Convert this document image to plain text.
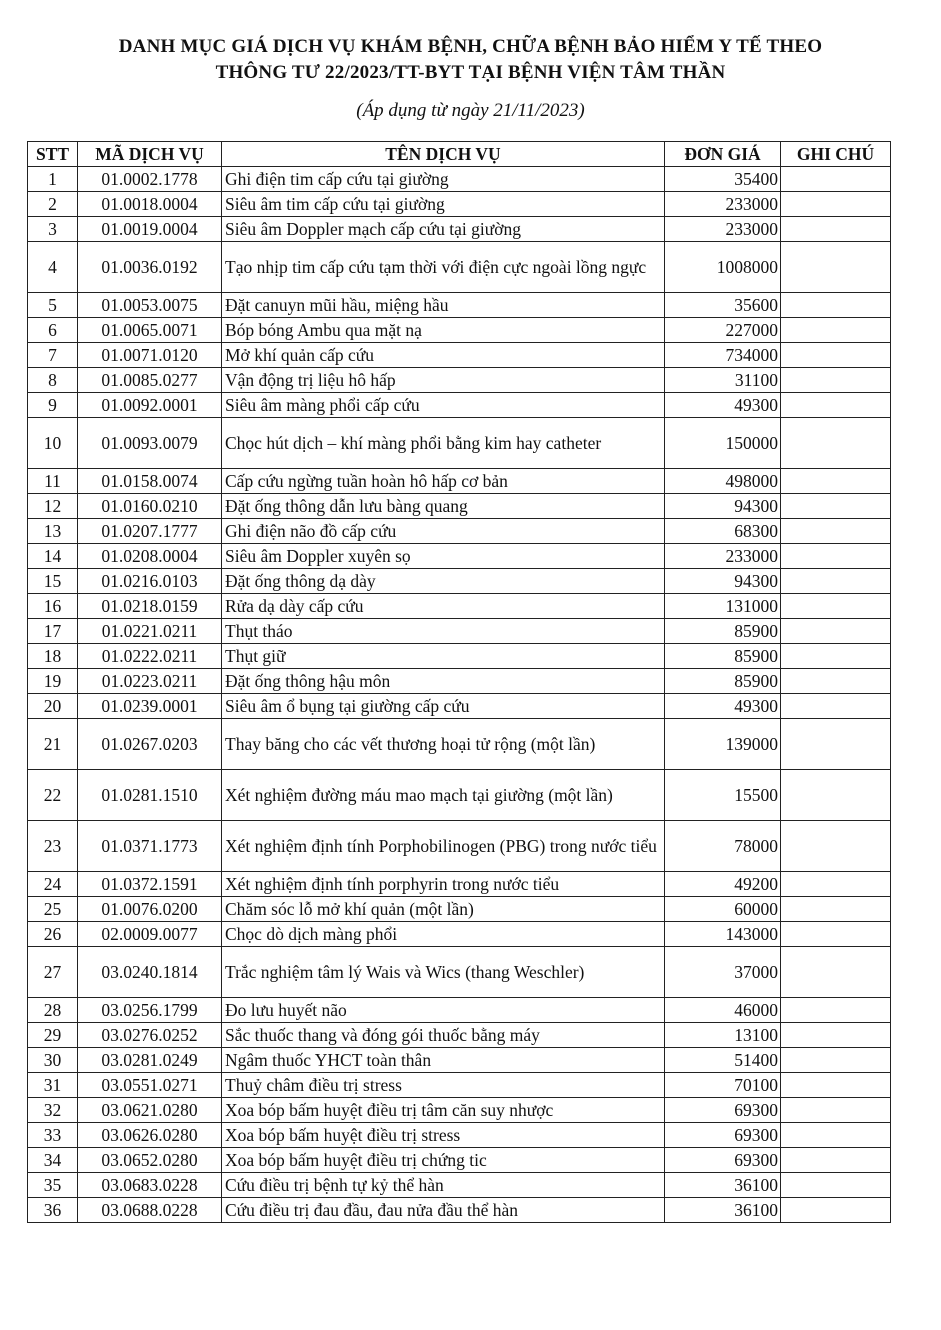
DANH MỤC GIÁ DỊCH VỤ KHÁM BỆNH, CHỮA BỆNH BẢO HIỂM Y TẾ THEO
THÔNG TƯ 22/2023/TT-BYT TẠI BỆNH VIỆN TÂM THẦN
(Áp dụng từ ngày 21/11/2023)
STT	MÃ DỊCH VỤ	TÊN DỊCH VỤ	ĐƠN GIÁ	GHI CHÚ
1	01.0002.1778	Ghi điện tim cấp cứu tại giường	35400	
2	01.0018.0004	Siêu âm tim cấp cứu tại giường	233000	
3	01.0019.0004	Siêu âm Doppler mạch cấp cứu tại giường	233000	
4	01.0036.0192	Tạo nhịp tim cấp cứu tạm thời với điện cực ngoài lồng ngực	1008000	
5	01.0053.0075	Đặt canuyn mũi hầu, miệng hầu	35600	
6	01.0065.0071	Bóp bóng Ambu qua mặt nạ	227000	
7	01.0071.0120	Mở khí quản cấp cứu	734000	
8	01.0085.0277	Vận động trị liệu hô hấp	31100	
9	01.0092.0001	Siêu âm màng phổi cấp cứu	49300	
10	01.0093.0079	Chọc hút dịch – khí màng phổi bằng kim hay catheter	150000	
11	01.0158.0074	Cấp cứu ngừng tuần hoàn hô hấp cơ bản	498000	
12	01.0160.0210	Đặt ống thông dẫn lưu bàng quang	94300	
13	01.0207.1777	Ghi điện não đồ cấp cứu	68300	
14	01.0208.0004	Siêu âm Doppler xuyên sọ	233000	
15	01.0216.0103	Đặt ống thông dạ dày	94300	
16	01.0218.0159	Rửa dạ dày cấp cứu	131000	
17	01.0221.0211	Thụt tháo	85900	
18	01.0222.0211	Thụt giữ	85900	
19	01.0223.0211	Đặt ống thông hậu môn	85900	
20	01.0239.0001	Siêu âm ổ bụng tại giường cấp cứu	49300	
21	01.0267.0203	Thay băng cho các vết thương hoại tử rộng (một lần)	139000	
22	01.0281.1510	Xét nghiệm đường máu mao mạch tại giường (một lần)	15500	
23	01.0371.1773	Xét nghiệm định tính Porphobilinogen (PBG) trong nước tiểu	78000	
24	01.0372.1591	Xét nghiệm định tính porphyrin trong nước tiểu	49200	
25	01.0076.0200	Chăm sóc lỗ mở khí quản (một lần)	60000	
26	02.0009.0077	Chọc dò dịch màng phổi	143000	
27	03.0240.1814	Trắc nghiệm tâm lý Wais và Wics (thang Weschler)	37000	
28	03.0256.1799	Đo lưu huyết não	46000	
29	03.0276.0252	Sắc thuốc thang và đóng gói thuốc bằng máy	13100	
30	03.0281.0249	Ngâm thuốc YHCT toàn thân	51400	
31	03.0551.0271	Thuỷ châm điều trị stress	70100	
32	03.0621.0280	Xoa bóp bấm huyệt điều trị tâm căn suy nhược	69300	
33	03.0626.0280	Xoa bóp bấm huyệt điều trị stress	69300	
34	03.0652.0280	Xoa bóp bấm huyệt điều trị chứng tic	69300	
35	03.0683.0228	Cứu điều trị bệnh tự kỷ thể hàn	36100	
36	03.0688.0228	Cứu điều trị đau đầu, đau nửa đầu thể hàn	36100	
